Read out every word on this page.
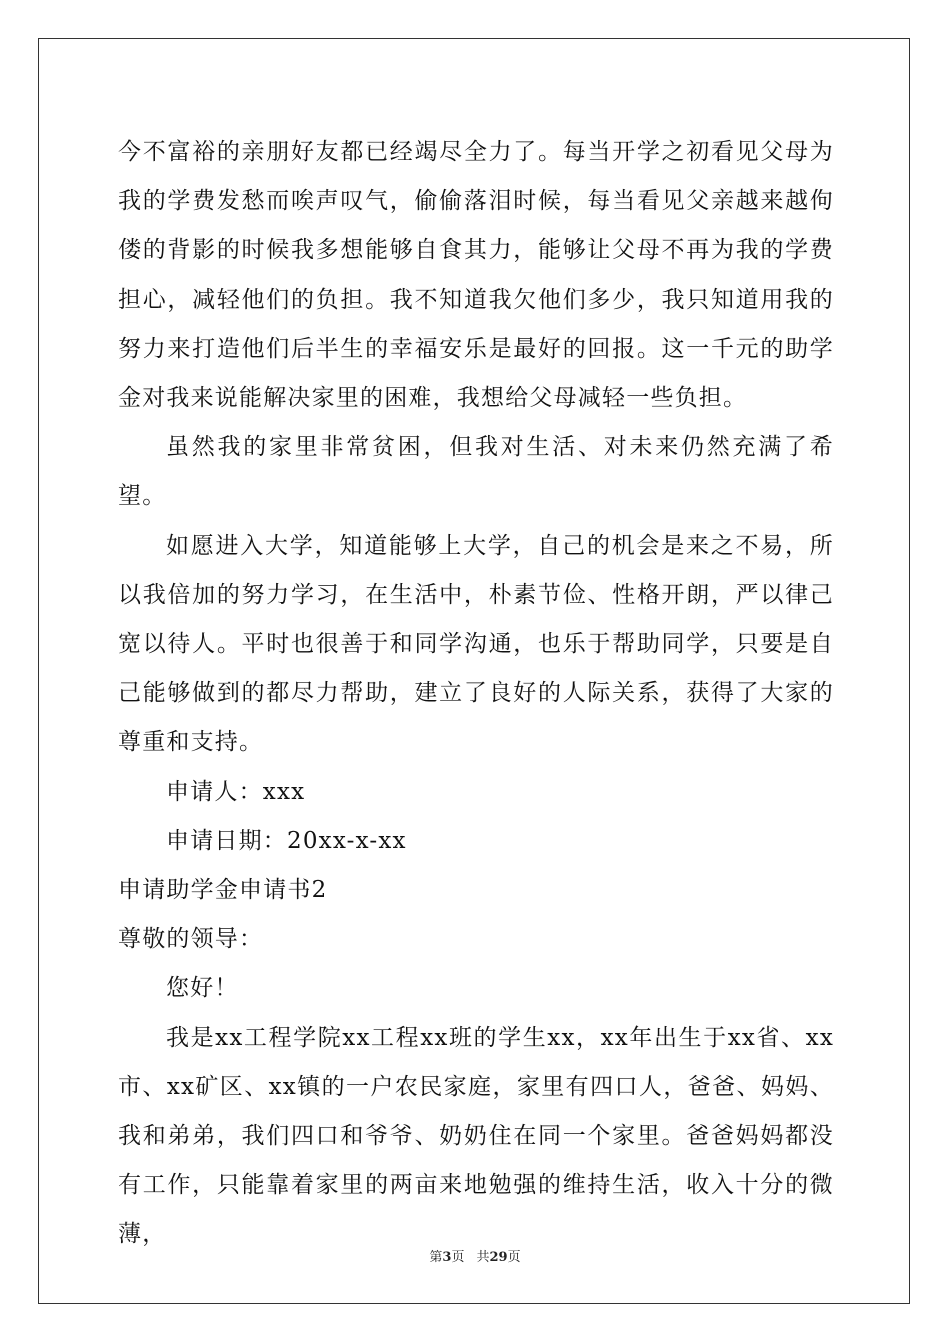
今不富裕的亲朋好友都已经竭尽全力了。每当开学之初看见父母为我的学费发愁而唉声叹气，偷偷落泪时候，每当看见父亲越来越佝偻的背影的时候我多想能够自食其力，能够让父母不再为我的学费担心，减轻他们的负担。我不知道我欠他们多少，我只知道用我的努力来打造他们后半生的幸福安乐是最好的回报。这一千元的助学金对我来说能解决家里的困难，我想给父母减轻一些负担。

虽然我的家里非常贫困，但我对生活、对未来仍然充满了希望。

如愿进入大学，知道能够上大学，自己的机会是来之不易，所以我倍加的努力学习，在生活中，朴素节俭、性格开朗，严以律己宽以待人。平时也很善于和同学沟通，也乐于帮助同学，只要是自己能够做到的都尽力帮助，建立了良好的人际关系，获得了大家的尊重和支持。

申请人：xxx

申请日期：20xx-x-xx

申请助学金申请书2

尊敬的领导：

您好！

我是xx工程学院xx工程xx班的学生xx，xx年出生于xx省、xx市、xx矿区、xx镇的一户农民家庭，家里有四口人，爸爸、妈妈、我和弟弟，我们四口和爷爷、奶奶住在同一个家里。爸爸妈妈都没有工作，只能靠着家里的两亩来地勉强的维持生活，收入十分的微薄，

第3页 共29页
